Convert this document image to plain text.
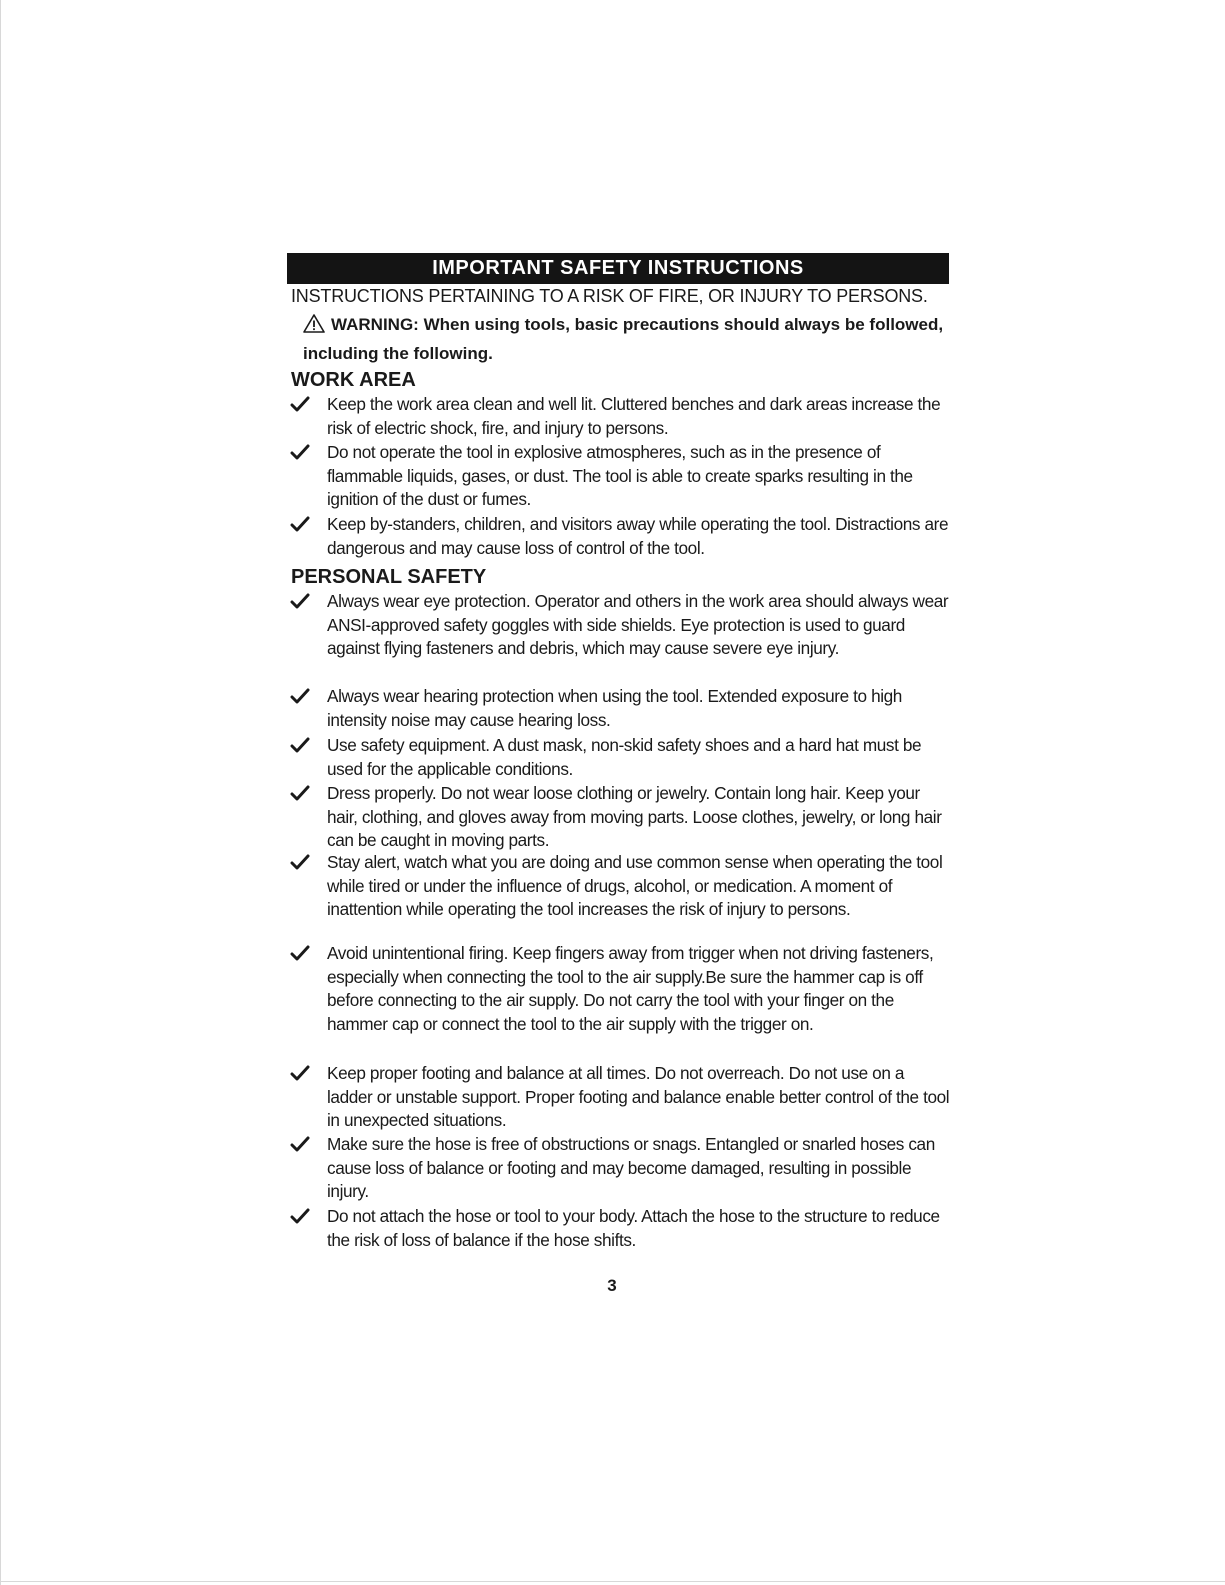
IMPORTANT SAFETY INSTRUCTIONS
INSTRUCTIONS PERTAINING TO A RISK OF FIRE, OR INJURY TO PERSONS.
WARNING: When using tools, basic precautions should always be followed, including the following.
WORK AREA
Keep the work area clean and well lit. Cluttered benches and dark areas increase the risk of electric shock, fire, and injury to persons.
Do not operate the tool in explosive atmospheres, such as in the presence of flammable liquids, gases, or dust. The tool is able to create sparks resulting in the ignition of the dust or fumes.
Keep by-standers, children, and visitors away while operating the tool. Distractions are dangerous and may cause loss of control of the tool.
PERSONAL SAFETY
Always wear eye protection. Operator and others in the work area should always wear ANSI-approved safety goggles with side shields. Eye protection is used to guard against flying fasteners and debris, which may cause severe eye injury.
Always wear hearing protection when using the tool. Extended exposure to high intensity noise may cause hearing loss.
Use safety equipment. A dust mask, non-skid safety shoes and a hard hat must be used for the applicable conditions.
Dress properly. Do not wear loose clothing or jewelry. Contain long hair. Keep your hair, clothing, and gloves away from moving parts. Loose clothes, jewelry, or long hair can be caught in moving parts.
Stay alert, watch what you are doing and use common sense when operating the tool while tired or under the influence of drugs, alcohol, or medication. A moment of inattention while operating the tool increases the risk of injury to persons.
Avoid unintentional firing. Keep fingers away from trigger when not driving fasteners, especially when connecting the tool to the air supply.Be sure the hammer cap is off before connecting to the air supply. Do not carry the tool with your finger on the hammer cap or connect the tool to the air supply with the trigger on.
Keep proper footing and balance at all times. Do not overreach. Do not use on a ladder or unstable support. Proper footing and balance enable better control of the tool in unexpected situations.
Make sure the hose is free of obstructions or snags. Entangled or snarled hoses can cause loss of balance or footing and may become damaged, resulting in possible injury.
Do not attach the hose or tool to your body. Attach the hose to the structure to reduce the risk of loss of balance if the hose shifts.
3
